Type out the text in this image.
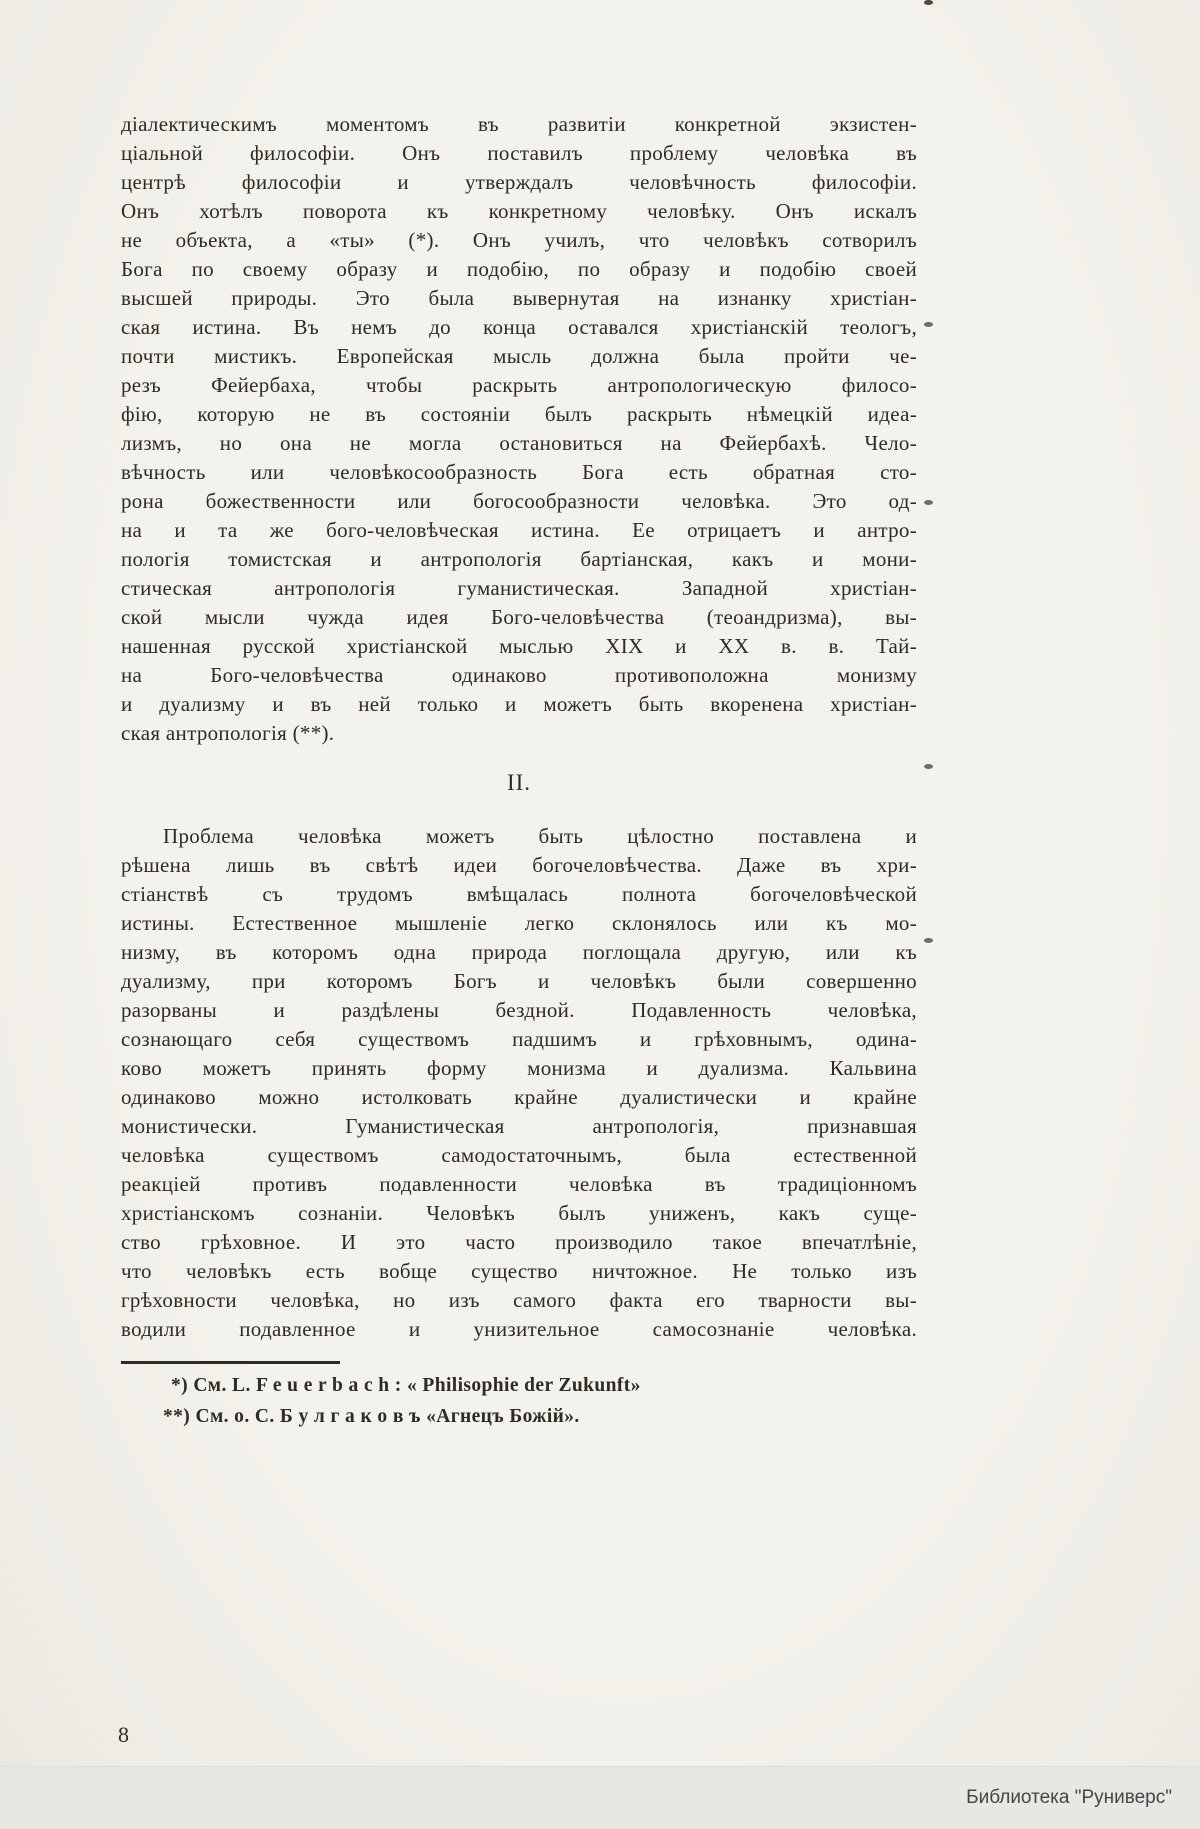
діалектическимъ моментомъ въ развитіи конкретной экзистен-
ціальной философіи. Онъ поставилъ проблему человѣка въ
центрѣ философіи и утверждалъ человѣчность философіи.
Онъ хотѣлъ поворота къ конкретному человѣку. Онъ искалъ
не объекта, а «ты» (*). Онъ училъ, что человѣкъ сотворилъ
Бога по своему образу и подобію, по образу и подобію своей
высшей природы. Это была вывернутая на изнанку христіан-
ская истина. Въ немъ до конца оставался христіанскій теологъ,
почти мистикъ. Европейская мысль должна была пройти че-
резъ Фейербаха, чтобы раскрыть антропологическую филосо-
фію, которую не въ состояніи былъ раскрыть нѣмецкій идеа-
лизмъ, но она не могла остановиться на Фейербахѣ. Чело-
вѣчность или человѣкосообразность Бога есть обратная сто-
рона божественности или богосообразности человѣка. Это од-
на и та же бого-человѣческая истина. Ее отрицаетъ и антро-
пологія томистская и антропологія бартіанская, какъ и мони-
стическая антропологія гуманистическая. Западной христіан-
ской мысли чужда идея Бого-человѣчества (теоандризма), вы-
нашенная русской христіанской мыслью XIX и XX в. в. Тай-
на Бого-человѣчества одинаково противоположна монизму
и дуализму и въ ней только и можетъ быть вкоренена христіан-
ская антропологія (**).
II.
Проблема человѣка можетъ быть цѣлостно поставлена и
рѣшена лишь въ свѣтѣ идеи богочеловѣчества. Даже въ хри-
стіанствѣ съ трудомъ вмѣщалась полнота богочеловѣческой
истины. Естественное мышленіе легко склонялось или къ мо-
низму, въ которомъ одна природа поглощала другую, или къ
дуализму, при которомъ Богъ и человѣкъ были совершенно
разорваны и раздѣлены бездной. Подавленность человѣка,
сознающаго себя существомъ падшимъ и грѣховнымъ, одина-
ково можетъ принять форму монизма и дуализма. Кальвина
одинаково можно истолковать крайне дуалистически и крайне
монистически. Гуманистическая антропологія, признавшая
человѣка существомъ самодостаточнымъ, была естественной
реакціей противъ подавленности человѣка въ традиціонномъ
христіанскомъ сознаніи. Человѣкъ былъ униженъ, какъ суще-
ство грѣховное. И это часто производило такое впечатлѣніе,
что человѣкъ есть вобще существо ничтожное. Не только изъ
грѣховности человѣка, но изъ самого факта его тварности вы-
водили подавленное и унизительное самосознаніе человѣка.
*) См. L. F e u e r b a c h : « Philisophie der Zukunft»
**) См. о. С. Б у л г а к о в ъ «Агнецъ Божій».
8
Библиотека "Руниверс"
